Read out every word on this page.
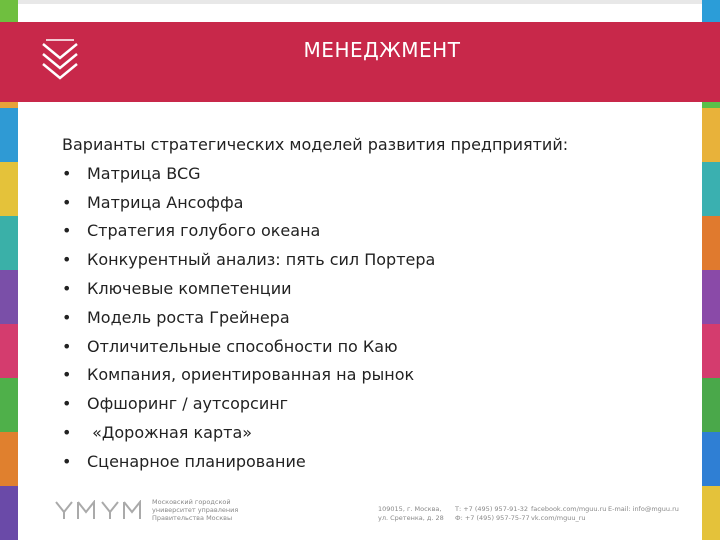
МЕНЕДЖМЕНТ
Варианты стратегических моделей развития предприятий:
• Матрица BCG
• Матрица Ансоффа
• Стратегия голубого океана
• Конкурентный анализ: пять сил Портера
• Ключевые компетенции
• Модель роста Грейнера
• Отличительные способности по Каю
• Компания, ориентированная на рынок
• Офшоринг / аутсорсинг
• «Дорожная карта»
• Сценарное планирование
Московский городской
университет управления
Правительства Москвы
109015, г. Москва,
ул. Сретенка, д. 28
Т: +7 (495) 957-91-32
Ф: +7 (495) 957-75-77
facebook.com/mguu.ru
vk.com/mguu_ru
E-mail: info@mguu.ru
